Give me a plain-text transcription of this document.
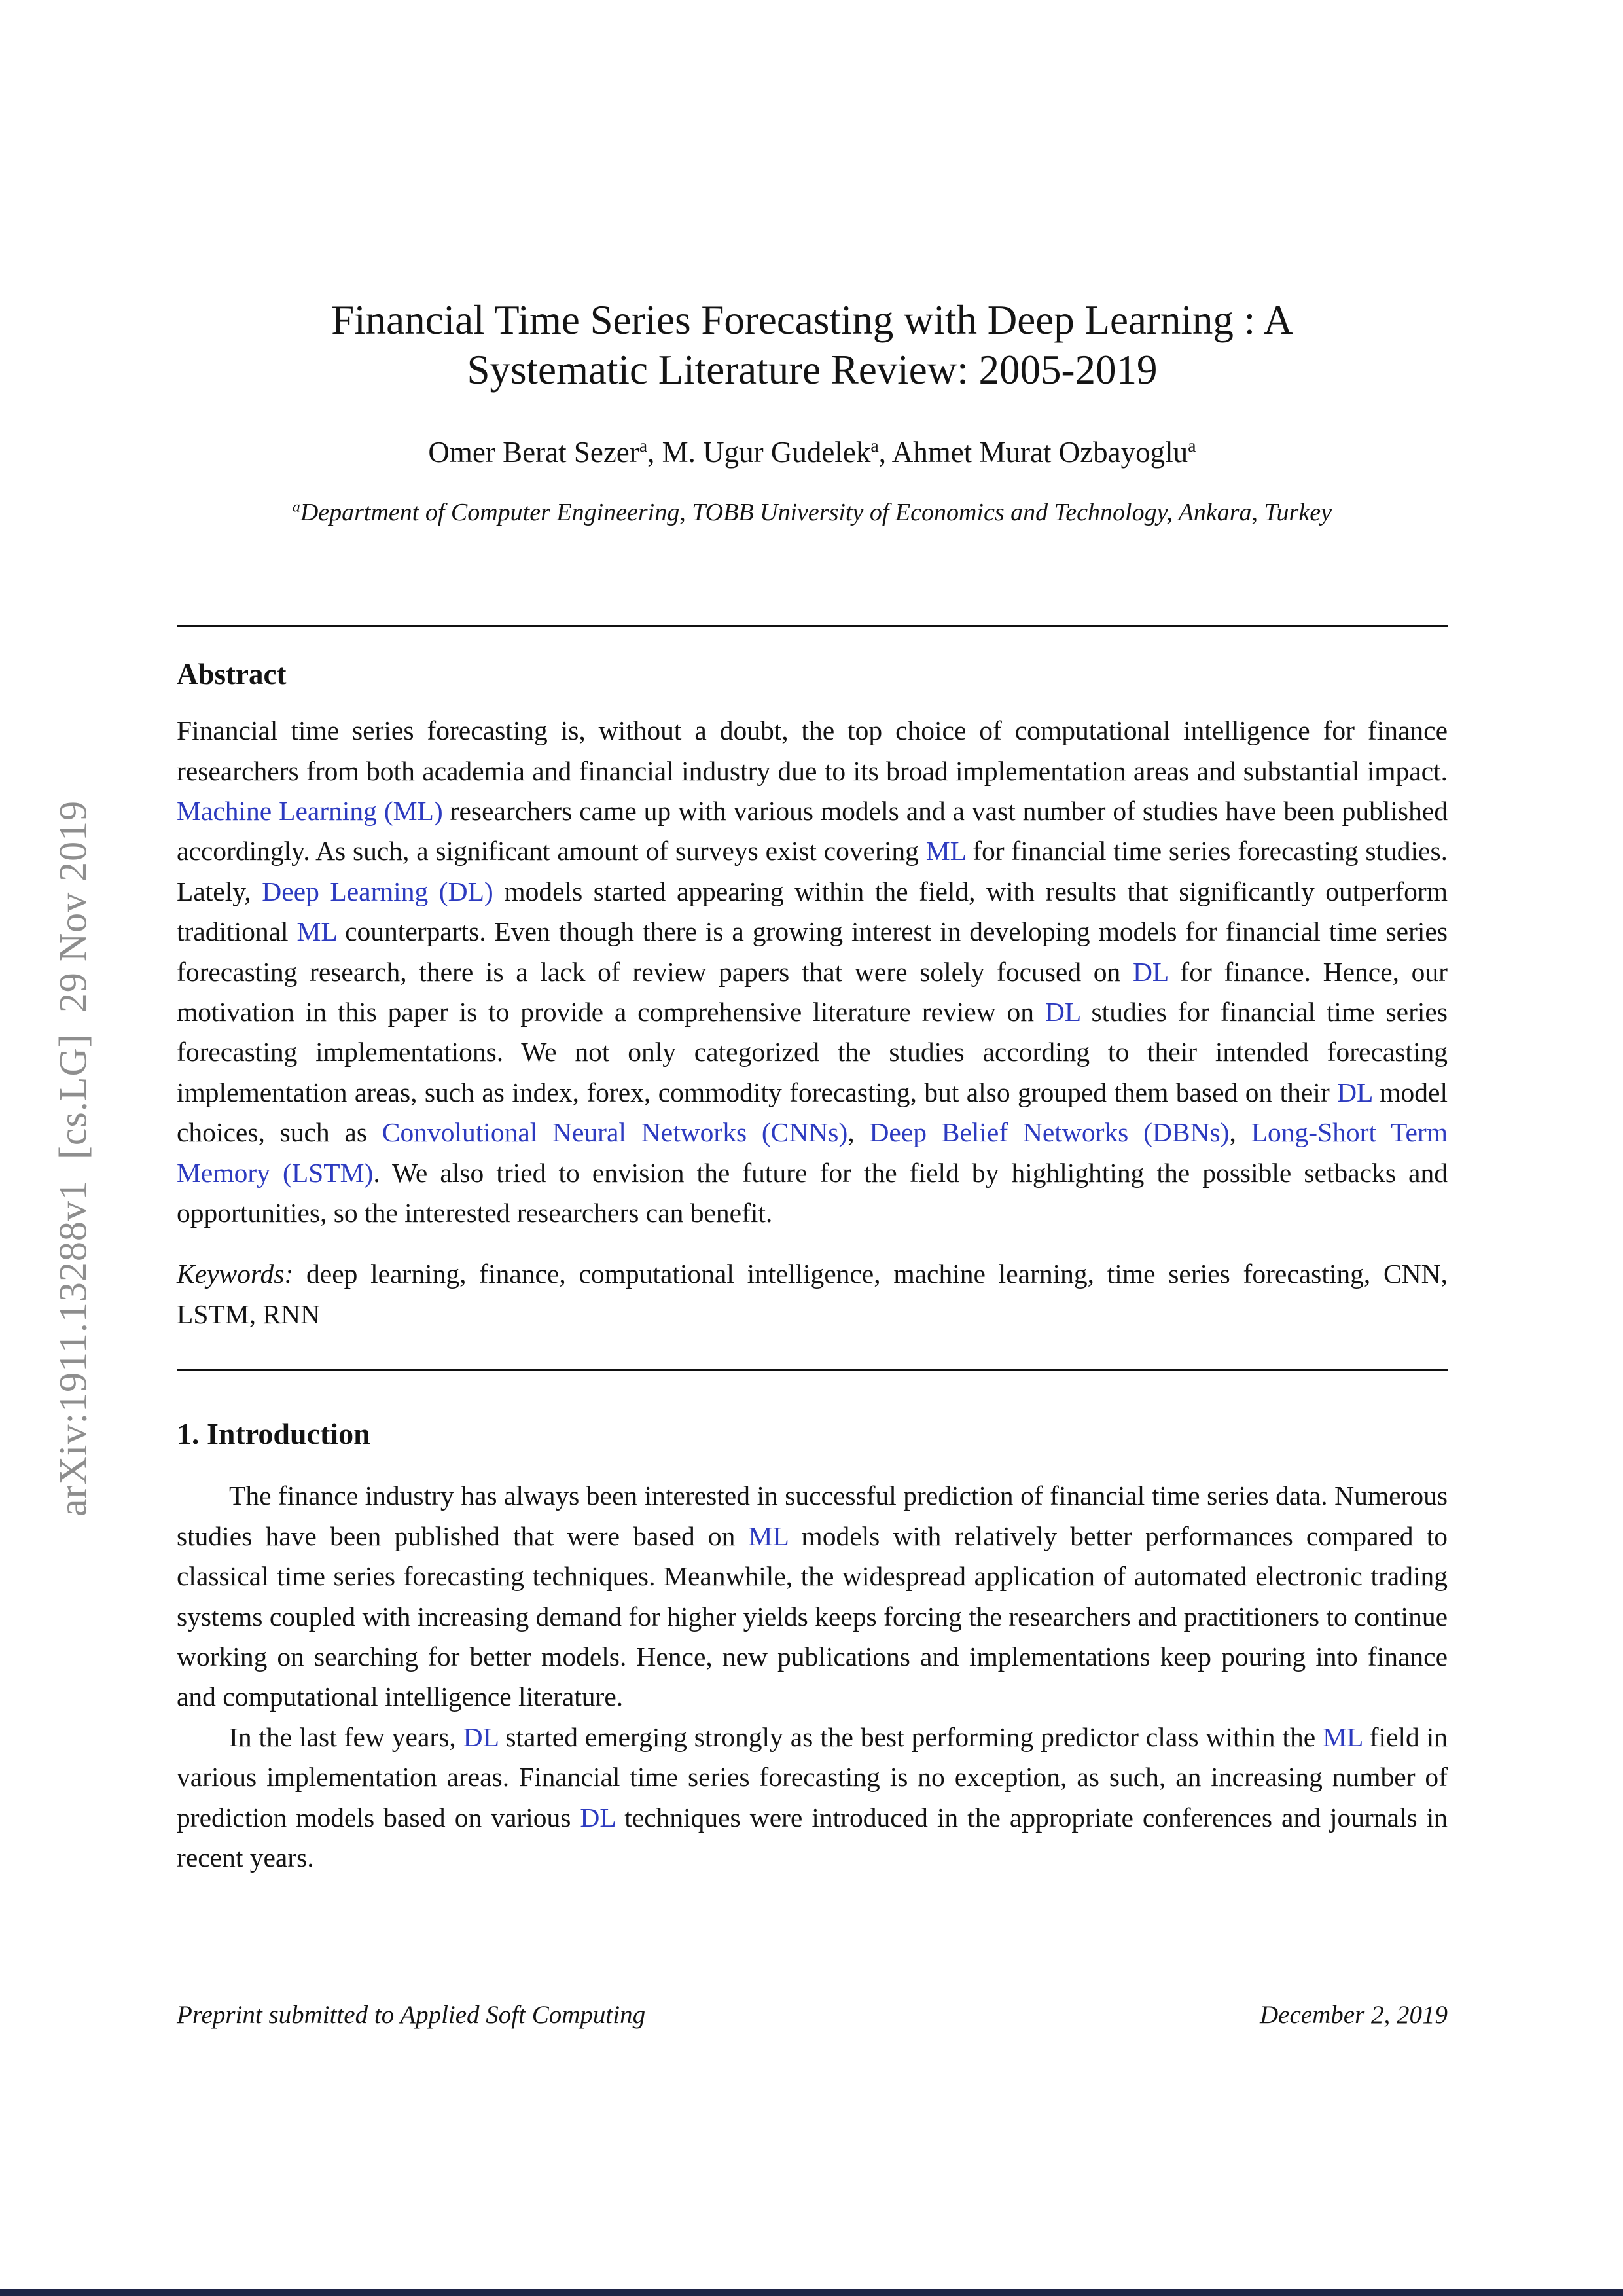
arXiv:1911.13288v1  [cs.LG]  29 Nov 2019
Financial Time Series Forecasting with Deep Learning : A
Systematic Literature Review: 2005-2019
Omer Berat Sezer$^a$, M. Ugur Gudelek$^a$, Ahmet Murat Ozbayoglu$^a$
$^a$Department of Computer Engineering, TOBB University of Economics and Technology, Ankara, Turkey
Abstract
Financial time series forecasting is, without a doubt, the top choice of computational intelligence for finance researchers from both academia and financial industry due to its broad implementation areas and substantial impact. Machine Learning (ML) researchers came up with various models and a vast number of studies have been published accordingly. As such, a significant amount of surveys exist covering ML for financial time series forecasting studies. Lately, Deep Learning (DL) models started appearing within the field, with results that significantly outperform traditional ML counterparts. Even though there is a growing interest in developing models for financial time series forecasting research, there is a lack of review papers that were solely focused on DL for finance. Hence, our motivation in this paper is to provide a comprehensive literature review on DL studies for financial time series forecasting implementations. We not only categorized the studies according to their intended forecasting implementation areas, such as index, forex, commodity forecasting, but also grouped them based on their DL model choices, such as Convolutional Neural Networks (CNNs), Deep Belief Networks (DBNs), Long-Short Term Memory (LSTM). We also tried to envision the future for the field by highlighting the possible setbacks and opportunities, so the interested researchers can benefit.
Keywords: deep learning, finance, computational intelligence, machine learning, time series forecasting, CNN, LSTM, RNN
1. Introduction

The finance industry has always been interested in successful prediction of financial time series data. Numerous studies have been published that were based on ML models with relatively better performances compared to classical time series forecasting techniques. Meanwhile, the widespread application of automated electronic trading systems coupled with increasing demand for higher yields keeps forcing the researchers and practitioners to continue working on searching for better models. Hence, new publications and implementations keep pouring into finance and computational intelligence literature.

In the last few years, DL started emerging strongly as the best performing predictor class within the ML field in various implementation areas. Financial time series forecasting is no exception, as such, an increasing number of prediction models based on various DL techniques were introduced in the appropriate conferences and journals in recent years.

Preprint submitted to Applied Soft Computing	December 2, 2019
